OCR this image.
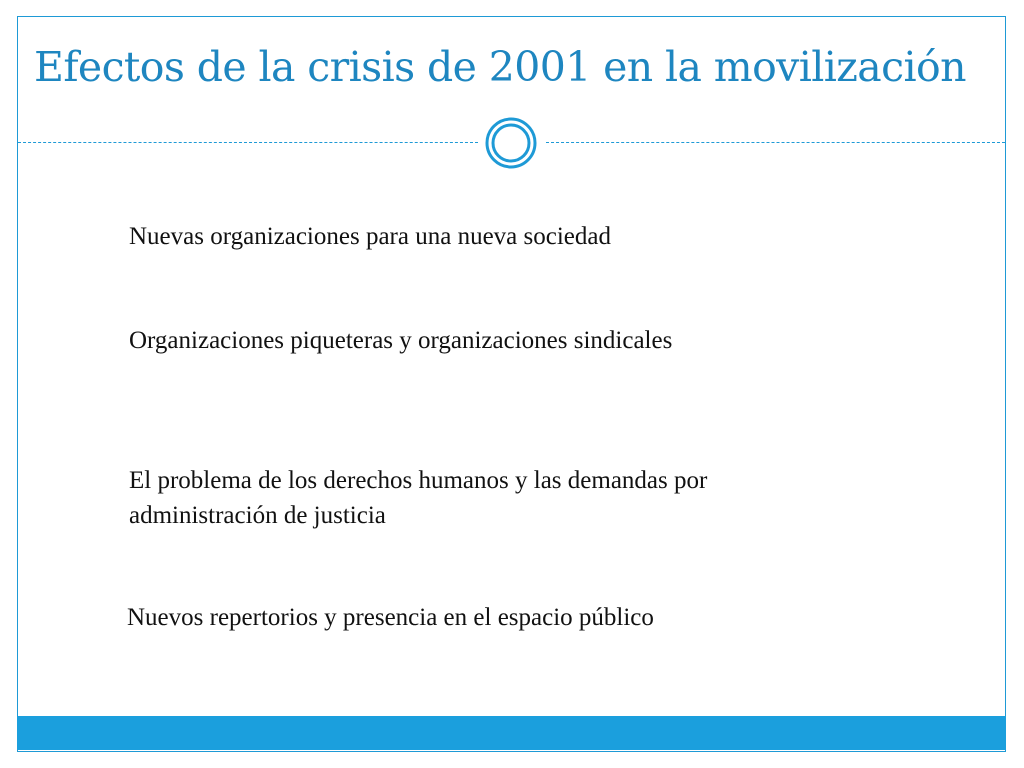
Efectos de la crisis de 2001 en la movilización
Nuevas organizaciones para una nueva sociedad
Organizaciones piqueteras y organizaciones sindicales
El problema de los derechos humanos y las demandas por
administración de justicia
Nuevos repertorios y presencia en el espacio público
